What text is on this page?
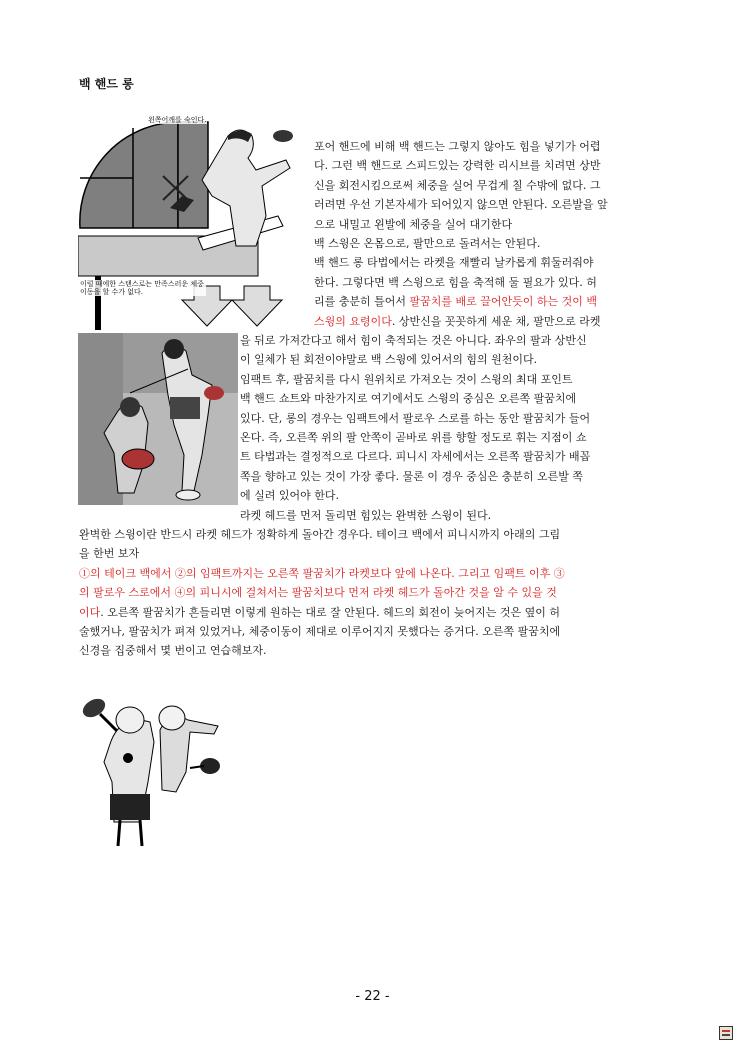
백 핸드 롱
왼쪽어깨를 숙인다.
이럴 때에한 스탠스로는 만족스러운 체중이동을 할 수가 없다.
포어 핸드에 비해 백 핸드는 그렇지 않아도 힘을 넣기가 어렵
다. 그런 백 핸드로 스피드있는 강력한 리시브를 치려면 상반
신을 회전시킴으로써 체중을 실어 무겁게 칠 수밖에 없다. 그
러려면 우선 기본자세가 되어있지 않으면 안된다. 오른발을 앞
으로 내밀고 왼발에 체중을 실어 대기한다
백 스윙은 온몸으로, 팔만으로 돌려서는 안된다.
백 핸드 롱 타법에서는 라켓을 재빨리 날카롭게 휘둘러줘야
한다. 그렇다면 백 스윙으로 힘을 축적해 둘 필요가 있다. 허
리를 충분히 틀어서 팔꿈치를 배로 끌어안듯이 하는 것이 백
스윙의 요령이다. 상반신을 꼿꼿하게 세운 채, 팔만으로 라켓
을 뒤로 가져간다고 해서 힘이 축적되는 것은 아니다. 좌우의 팔과 상반신
이 일체가 된 회전이야말로 백 스윙에 있어서의 힘의 원천이다.
임팩트 후, 팔꿈치를 다시 원위치로 가져오는 것이 스윙의 최대 포인트
백 핸드 쇼트와 마찬가지로 여기에서도 스윙의 중심은 오른쪽 팔꿈치에
있다. 단, 롱의 경우는 임팩트에서 팔로우 스로를 하는 동안 팔꿈치가 들어
온다. 즉, 오른쪽 위의 팔 안쪽이 곧바로 위를 향할 정도로 휘는 지점이 쇼
트 타법과는 결정적으로 다르다. 피니시 자세에서는 오른쪽 팔꿈치가 배꼽
쪽을 향하고 있는 것이 가장 좋다. 물론 이 경우 중심은 충분히 오른발 쪽
에 실려 있어야 한다.
라켓 헤드를 먼저 돌리면 힘있는 완벽한 스윙이 된다.
완벽한 스윙이란 반드시 라켓 헤드가 정확하게 돌아간 경우다. 테이크 백에서 피니시까지 아래의 그림
을 한번 보자
①의 테이크 백에서 ②의 임팩트까지는 오른쪽 팔꿈치가 라켓보다 앞에 나온다. 그리고 임팩트 이후 ③
의 팔로우 스로에서 ④의 피니시에 걸쳐서는 팔꿈치보다 먼저 라켓 헤드가 돌아간 것을 알 수 있을 것
이다. 오른쪽 팔꿈치가 흔들리면 이렇게 원하는 대로 잘 안된다. 헤드의 회전이 늦어지는 것은 옆이 허
술했거나, 팔꿈치가 펴져 있었거나, 체중이동이 제대로 이루어지지 못했다는 증거다. 오른쪽 팔꿈치에
신경을 집중해서 몇 번이고 연습해보자.
- 22 -
